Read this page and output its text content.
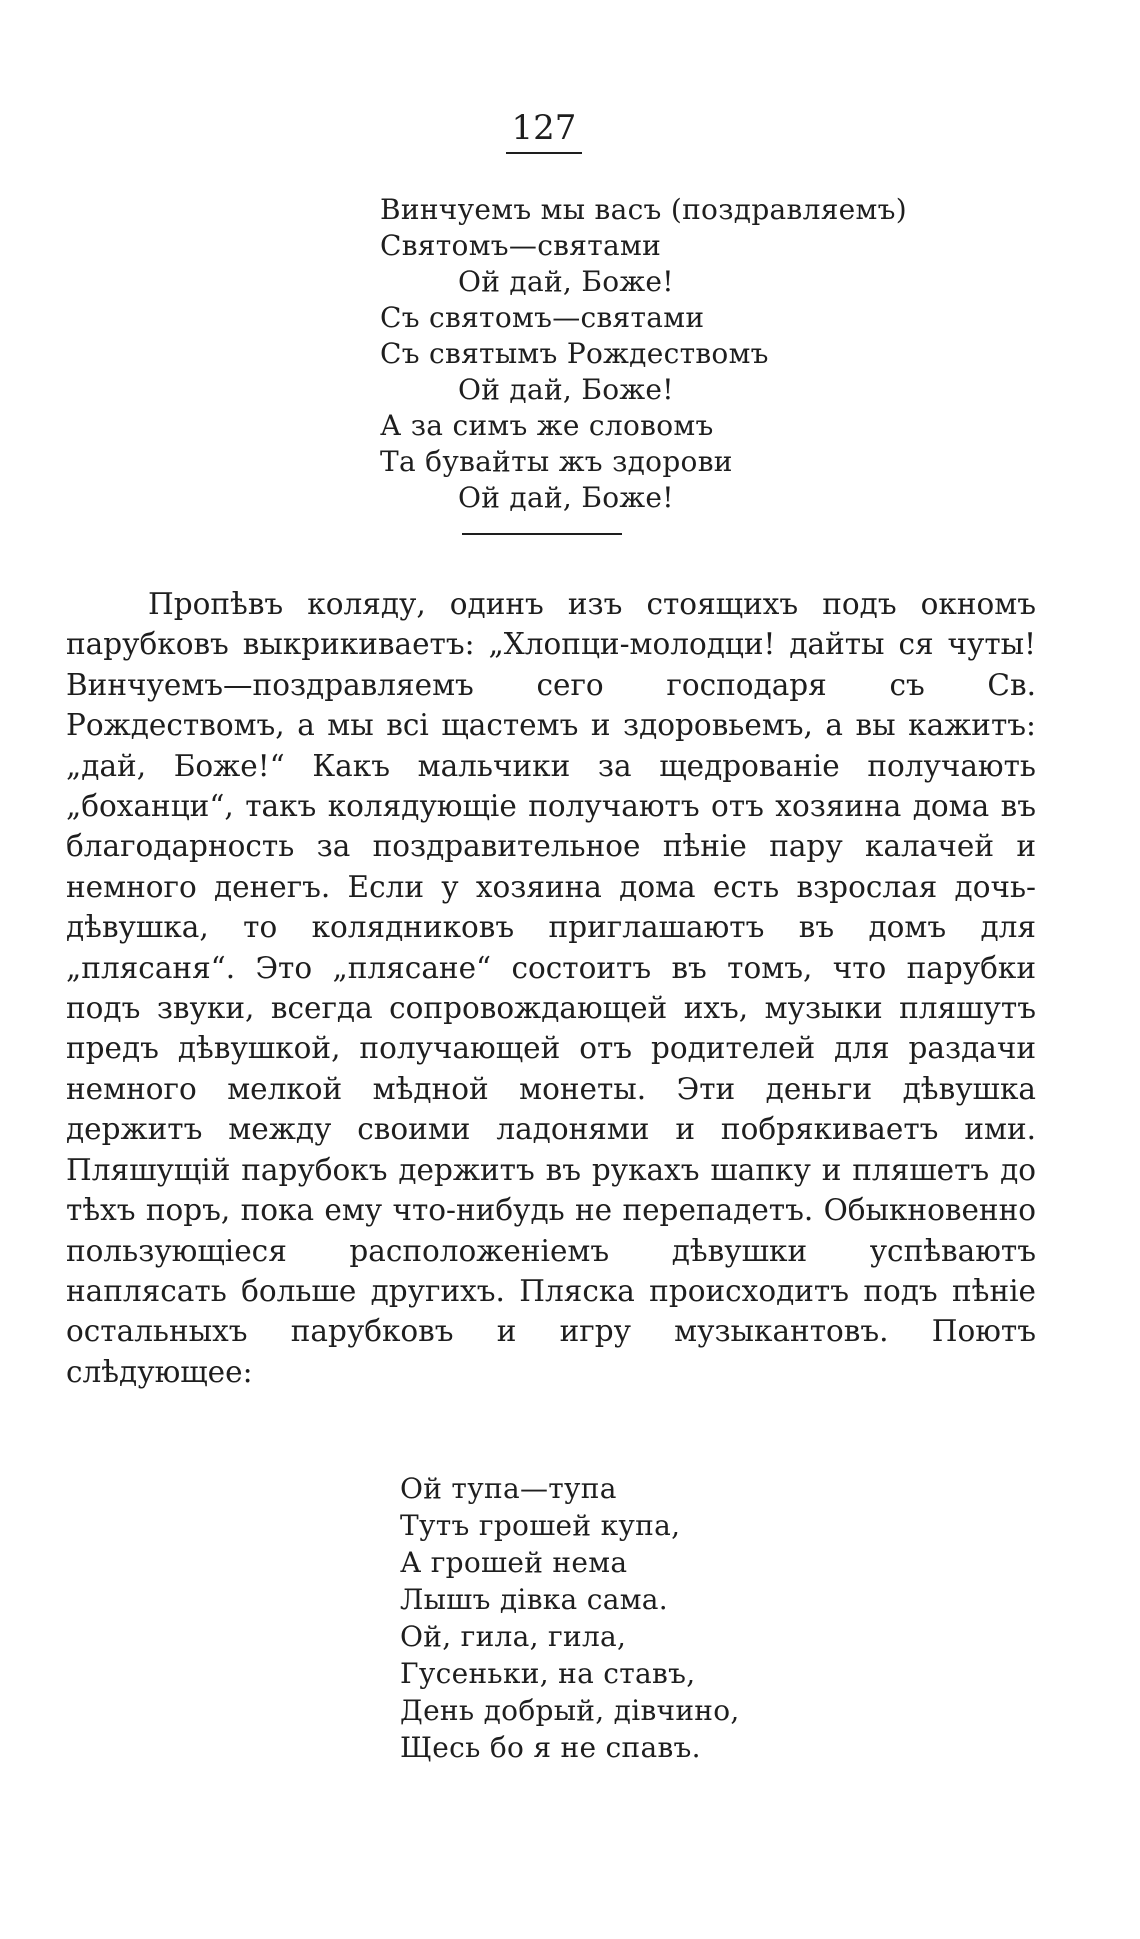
127
Винчуемъ мы васъ (поздравляемъ)
Святомъ—святами
Ой дай, Боже!
Съ святомъ—святами
Съ святымъ Рождествомъ
Ой дай, Боже!
А за симъ же словомъ
Та бувайты жъ здорови
Ой дай, Боже!

Пропѣвъ коляду, одинъ изъ стоящихъ подъ окномъ парубковъ выкрикиваетъ: „Хлопци-молодци! дайты ся чуты! Винчуемъ—поздравляемъ сего господаря съ Св. Рождествомъ, а мы всі щастемъ и здоровьемъ, а вы кажитъ: „дай, Боже!“ Какъ мальчики за щедрованіе получають „боханци“, такъ колядующіе получаютъ отъ хозяина дома въ благодарность за поздравительное пѣніе пару калачей и немного денегъ. Если у хозяина дома есть взрослая дочь-дѣвушка, то колядниковъ приглашаютъ въ домъ для „плясаня“. Это „плясане“ состоитъ въ томъ, что парубки подъ звуки, всегда сопровождающей ихъ, музыки пляшутъ предъ дѣвушкой, получающей отъ родителей для раздачи немного мелкой мѣдной монеты. Эти деньги дѣвушка держитъ между своими ладонями и побрякиваетъ ими. Пляшущій парубокъ держитъ въ рукахъ шапку и пляшетъ до тѣхъ поръ, пока ему что-нибудь не перепадетъ. Обыкновенно пользующіеся расположеніемъ дѣвушки успѣваютъ наплясать больше другихъ. Пляска происходитъ подъ пѣніе остальныхъ парубковъ и игру музыкантовъ. Поютъ слѣдующее:

Ой тупа—тупа
Тутъ грошей купа,
А грошей нема
Лышъ дівка сама.
Ой, гила, гила,
Гусеньки, на ставъ,
День добрый, дівчино,
Щесь бо я не спавъ.
